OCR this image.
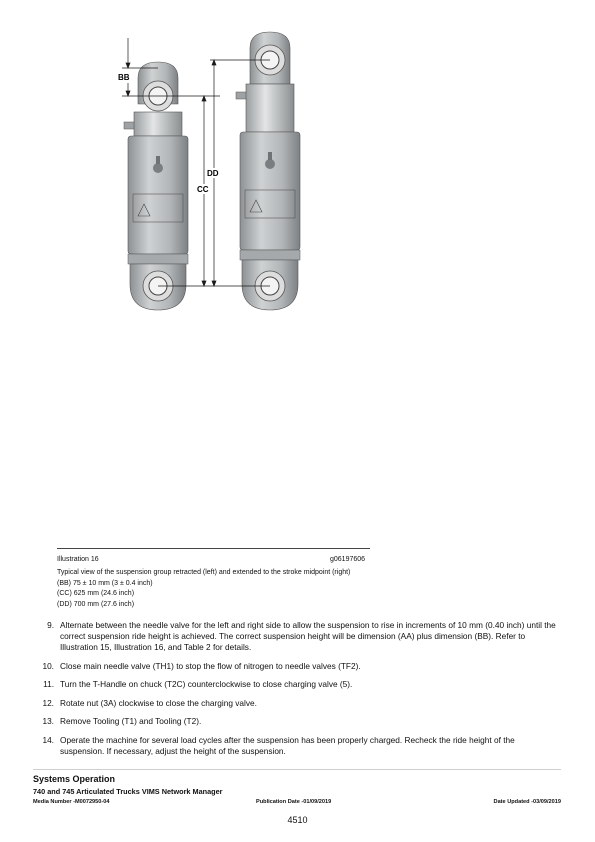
BB
CC
DD
Illustration 16	g06197606
Typical view of the suspension group retracted (left) and extended to the stroke midpoint (right)
(BB) 75 ± 10 mm (3 ± 0.4 inch)
(CC) 625 mm (24.6 inch)
(DD) 700 mm (27.6 inch)
9. Alternate between the needle valve for the left and right side to allow the suspension to rise in increments of 10 mm (0.40 inch) until the correct suspension ride height is achieved. The correct suspension height will be dimension (AA) plus dimension (BB). Refer to Illustration 15, Illustration 16, and Table 2 for details.
10. Close main needle valve (TH1) to stop the flow of nitrogen to needle valves (TF2).
11. Turn the T-Handle on chuck (T2C) counterclockwise to close charging valve (5).
12. Rotate nut (3A) clockwise to close the charging valve.
13. Remove Tooling (T1) and Tooling (T2).
14. Operate the machine for several load cycles after the suspension has been properly charged. Recheck the ride height of the suspension. If necessary, adjust the height of the suspension.
Systems Operation
740 and 745 Articulated Trucks VIMS Network Manager
Media Number -M0072950-04	Publication Date -01/09/2019	Date Updated -03/09/2019
4510
